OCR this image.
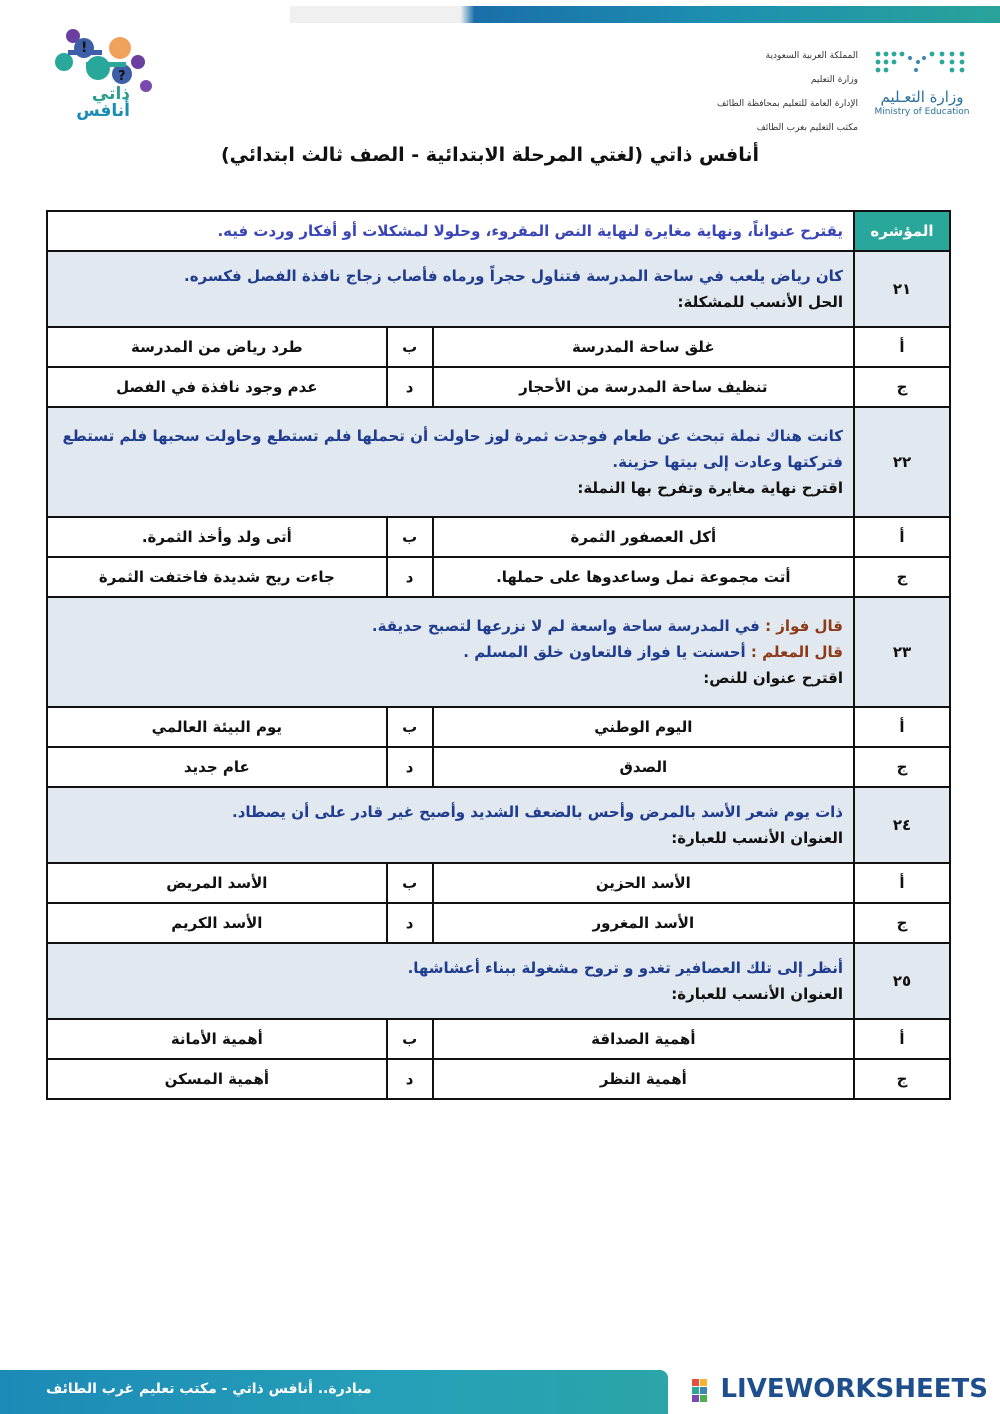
!
?
ذاتي
أنافس
المملكة العربية السعودية
وزارة التعليم
الإدارة العامة للتعليم بمحافظة الطائف
مكتب التعليم بغرب الطائف
وزارة التعـليم
Ministry of Education
أنافس ذاتي (لغتي المرحلة الابتدائية - الصف ثالث ابتدائي)
المؤشره	يقترح عنواناً، ونهاية مغايرة لنهاية النص المقروء، وحلولا لمشكلات أو أفكار وردت فيه.		
٢١	كان رياض يلعب في ساحة المدرسة فتناول حجراً ورماه فأصاب زجاج نافذة الفصل فكسره.
الحل الأنسب للمشكلة:		

أ	غلق ساحة المدرسة	ب	طرد رياض من المدرسة
ج	تنظيف ساحة المدرسة من الأحجار	د	عدم وجود نافذة في الفصل
٢٢	كانت هناك نملة تبحث عن طعام فوجدت ثمرة لوز حاولت أن تحملها فلم تستطع وحاولت سحبها فلم تستطع فتركتها وعادت إلى بيتها حزينة.
اقترح نهاية مغايرة وتفرح بها النملة:		

أ	أكل العصفور الثمرة	ب	أتى ولد وأخذ الثمرة.
ج	أتت مجموعة نمل وساعدوها على حملها.	د	جاءت ريح شديدة فاختفت الثمرة
٢٣	قال فواز : في المدرسة ساحة واسعة لم لا نزرعها لتصبح حديقة.
قال المعلم : أحسنت يا فواز فالتعاون خلق المسلم .
اقترح عنوان للنص:		

أ	اليوم الوطني	ب	يوم البيئة العالمي
ج	الصدق	د	عام جديد
٢٤	ذات يوم شعر الأسد بالمرض وأحس بالضعف الشديد وأصبح غير قادر على أن يصطاد.
العنوان الأنسب للعبارة:		

أ	الأسد الحزين	ب	الأسد المريض
ج	الأسد المغرور	د	الأسد الكريم
٢٥	أنظر إلى تلك العصافير تغدو و تروح مشغولة ببناء أعشاشها.
العنوان الأنسب للعبارة:		

أ	أهمية الصداقة	ب	أهمية الأمانة
ج	أهمية النظر	د	أهمية المسكن
مبادرة.. أنافس ذاتي - مكتب تعليم غرب الطائف	LIVEWORKSHEETS
